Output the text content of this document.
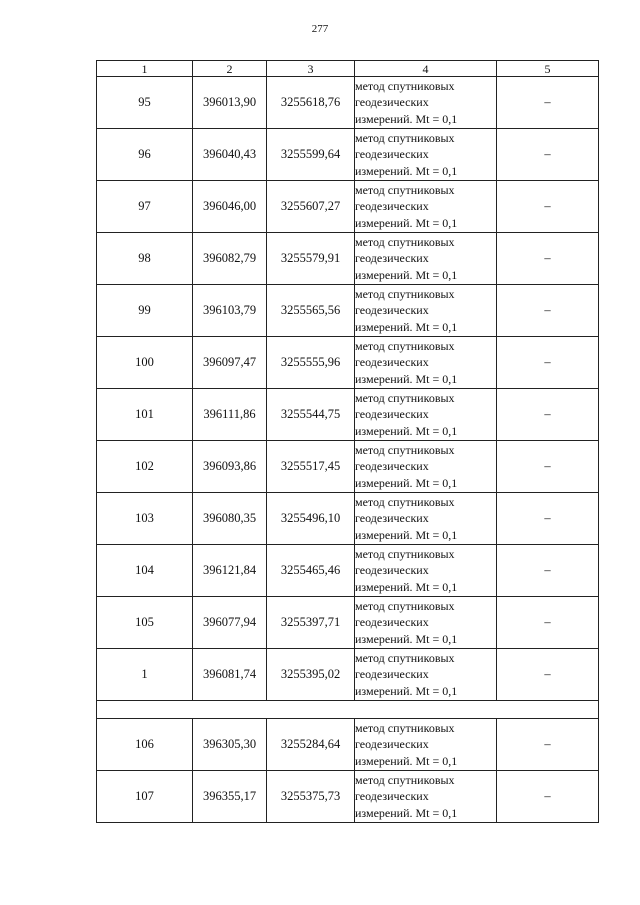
277
1	2	3	4	5
95	396013,90	3255618,76	метод спутниковых
геодезических
измерений. Mt = 0,1	–
96	396040,43	3255599,64	метод спутниковых
геодезических
измерений. Mt = 0,1	–
97	396046,00	3255607,27	метод спутниковых
геодезических
измерений. Mt = 0,1	–
98	396082,79	3255579,91	метод спутниковых
геодезических
измерений. Mt = 0,1	–
99	396103,79	3255565,56	метод спутниковых
геодезических
измерений. Mt = 0,1	–
100	396097,47	3255555,96	метод спутниковых
геодезических
измерений. Mt = 0,1	–
101	396111,86	3255544,75	метод спутниковых
геодезических
измерений. Mt = 0,1	–
102	396093,86	3255517,45	метод спутниковых
геодезических
измерений. Mt = 0,1	–
103	396080,35	3255496,10	метод спутниковых
геодезических
измерений. Mt = 0,1	–
104	396121,84	3255465,46	метод спутниковых
геодезических
измерений. Mt = 0,1	–
105	396077,94	3255397,71	метод спутниковых
геодезических
измерений. Mt = 0,1	–
1	396081,74	3255395,02	метод спутниковых
геодезических
измерений. Mt = 0,1	–

106	396305,30	3255284,64	метод спутниковых
геодезических
измерений. Mt = 0,1	–
107	396355,17	3255375,73	метод спутниковых
геодезических
измерений. Mt = 0,1	–
